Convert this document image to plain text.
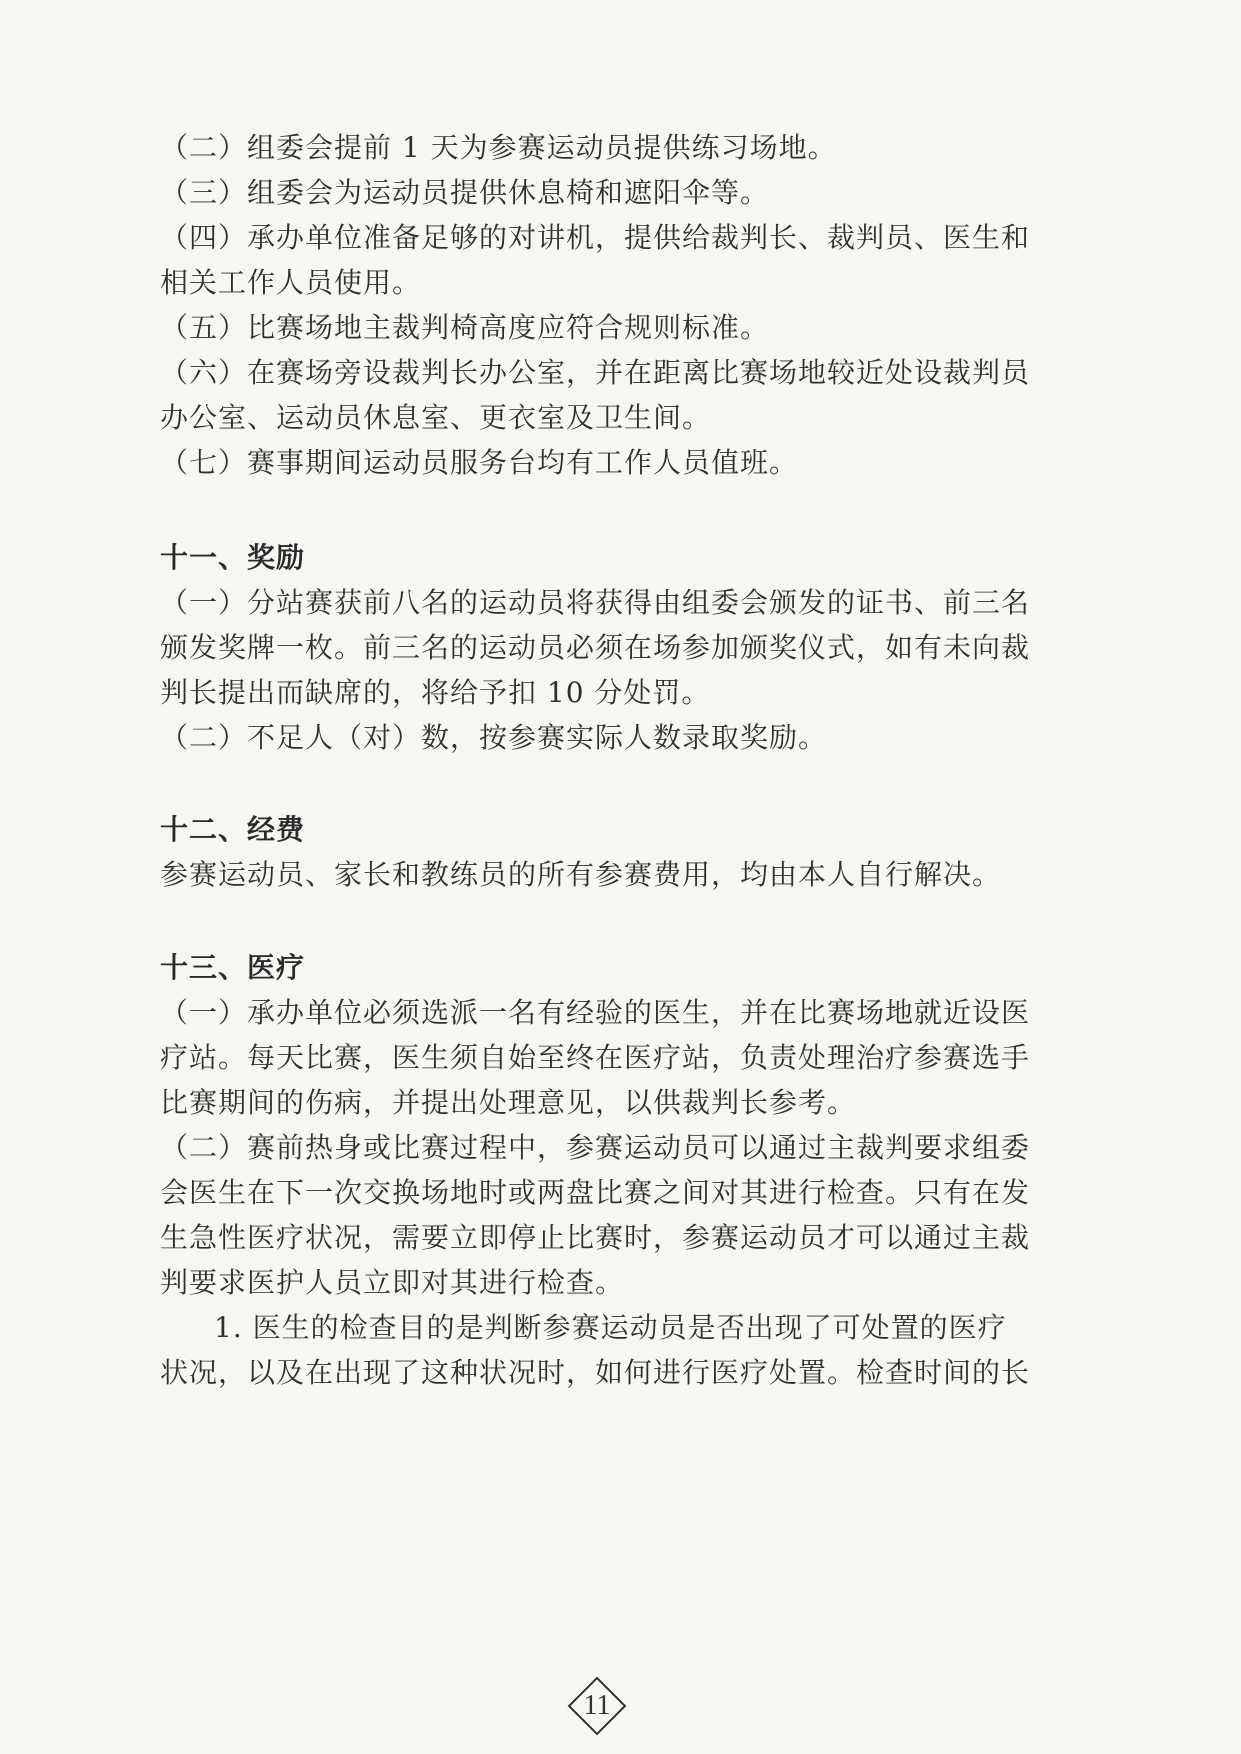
（二）组委会提前 1 天为参赛运动员提供练习场地。
（三）组委会为运动员提供休息椅和遮阳伞等。
（四）承办单位准备足够的对讲机，提供给裁判长、裁判员、医生和
相关工作人员使用。
（五）比赛场地主裁判椅高度应符合规则标准。
（六）在赛场旁设裁判长办公室，并在距离比赛场地较近处设裁判员
办公室、运动员休息室、更衣室及卫生间。
（七）赛事期间运动员服务台均有工作人员值班。
十一、奖励
（一）分站赛获前八名的运动员将获得由组委会颁发的证书、前三名
颁发奖牌一枚。前三名的运动员必须在场参加颁奖仪式，如有未向裁
判长提出而缺席的，将给予扣 10 分处罚。
（二）不足人（对）数，按参赛实际人数录取奖励。
十二、经费
参赛运动员、家长和教练员的所有参赛费用，均由本人自行解决。
十三、医疗
（一）承办单位必须选派一名有经验的医生，并在比赛场地就近设医
疗站。每天比赛，医生须自始至终在医疗站，负责处理治疗参赛选手
比赛期间的伤病，并提出处理意见，以供裁判长参考。
（二）赛前热身或比赛过程中，参赛运动员可以通过主裁判要求组委
会医生在下一次交换场地时或两盘比赛之间对其进行检查。只有在发
生急性医疗状况，需要立即停止比赛时，参赛运动员才可以通过主裁
判要求医护人员立即对其进行检查。
1. 医生的检查目的是判断参赛运动员是否出现了可处置的医疗
状况，以及在出现了这种状况时，如何进行医疗处置。检查时间的长
11
